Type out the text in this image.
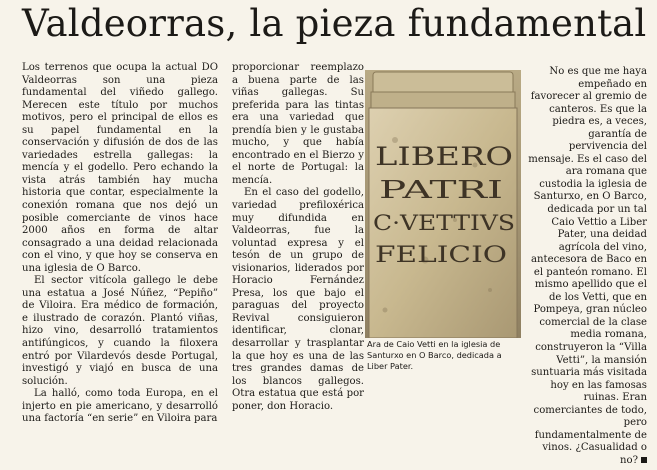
Valdeorras, la pieza fundamental

Los terrenos que ocupa la actual DO Valdeorras son una pieza fundamental del viñedo gallego. Merecen este título por muchos motivos, pero el principal de ellos es su papel fundamental en la conservación y difusión de dos de las variedades estrella gallegas: la mencía y el godello. Pero echando la vista atrás también hay mucha historia que contar, especialmente la conexión romana que nos dejó un posible comerciante de vinos hace 2000 años en forma de altar consagrado a una deidad relacionada con el vino, y que hoy se conserva en una iglesia de O Barco.

El sector vitícola gallego le debe una estatua a José Núñez, “Pepiño” de Viloira. Era médico de formación, e ilustrado de corazón. Plantó viñas, hizo vino, desarrolló tratamientos antifúngicos, y cuando la filoxera entró por Vilardevós desde Portugal, investigó y viajó en busca de una solución.

La halló, como toda Europa, en el injerto en pie americano, y desarrolló una factoría “en serie” en Viloira para

proporcionar reemplazo a buena parte de las viñas gallegas. Su preferida para las tintas era una variedad que prendía bien y le gustaba mucho, y que había encontrado en el Bierzo y el norte de Portugal: la mencía.

En el caso del godello, variedad prefiloxérica muy difundida en Valdeorras, fue la voluntad expresa y el tesón de un grupo de visionarios, liderados por Horacio Fernández Presa, los que bajo el paraguas del proyecto Revival consiguieron identificar, clonar, desarrollar y trasplantar la que hoy es una de las tres grandes damas de los blancos gallegos. Otra estatua que está por poner, don Horacio.

LIBERO
PATRI
C·VETTIVS
FELICIO
Ara de Caio Vetti en la iglesia de Santurxo en O Barco, dedicada a Liber Pater.

No es que me haya empeñado en favorecer al gremio de canteros. Es que la piedra es, a veces, garantía de pervivencia del mensaje. Es el caso del ara romana que custodia la iglesia de Santurxo, en O Barco, dedicada por un tal Caio Vettio a Liber Pater, una deidad agrícola del vino, antecesora de Baco en el panteón romano. El mismo apellido que el de los Vetti, que en Pompeya, gran núcleo comercial de la clase media romana, construyeron la “Villa Vetti”, la mansión suntuaria más visitada hoy en las famosas ruinas. Eran comerciantes de todo, pero fundamentalmente de vinos. ¿Casualidad o no?
